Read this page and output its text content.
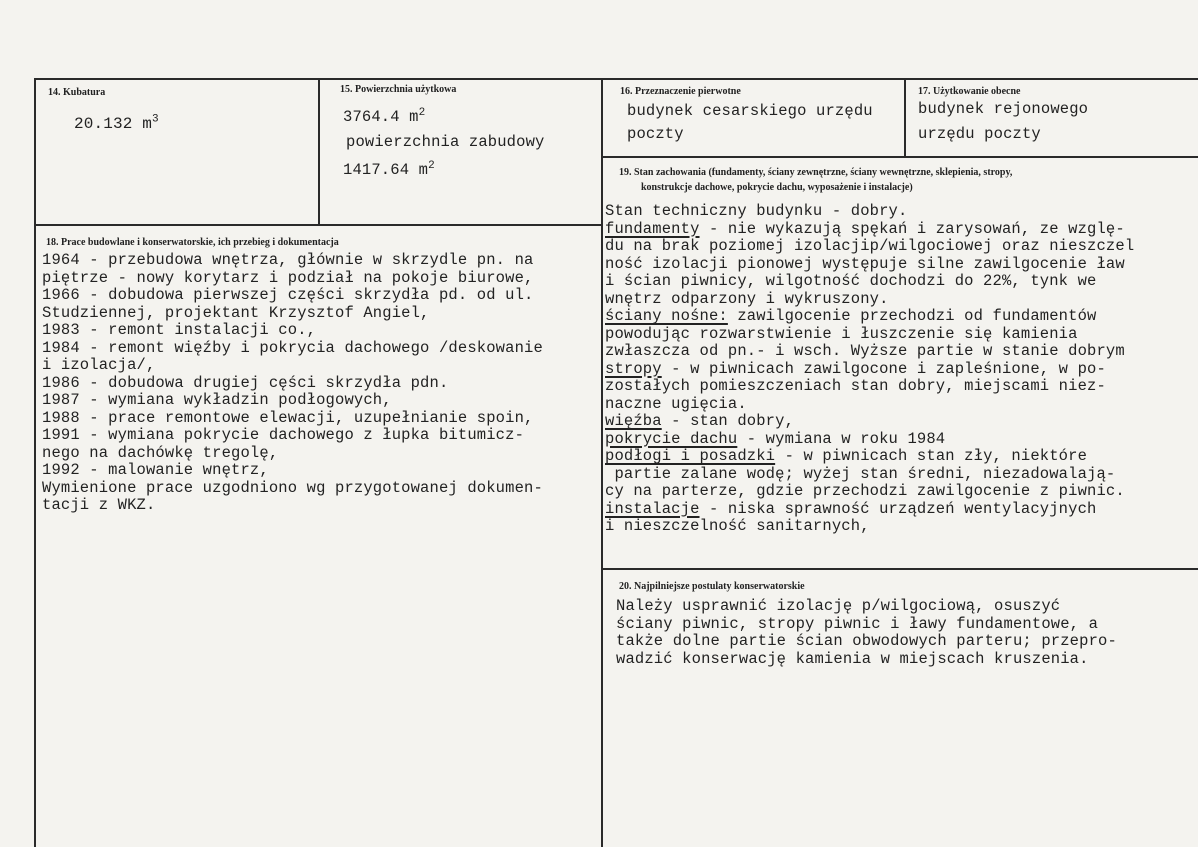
14. Kubatura
20.132 $m^3$
15. Powierzchnia użytkowa
3764.4 $m^2$
powierzchnia zabudowy
1417.64 $m^2$
16. Przeznaczenie pierwotne
budynek cesarskiego urzędu
poczty
17. Użytkowanie obecne
budynek rejonowego
urzędu poczty
18. Prace budowlane i konserwatorskie, ich przebieg i dokumentacja
1964 - przebudowa wnętrza, głównie w skrzydle pn. na
piętrze - nowy korytarz i podział na pokoje biurowe,
1966 - dobudowa pierwszej części skrzydła pd. od ul.
Studziennej, projektant Krzysztof Angiel,
1983 - remont instalacji co.,
1984 - remont więźby i pokrycia dachowego /deskowanie
i izolacja/,
1986 - dobudowa drugiej cęści skrzydła pdn.
1987 - wymiana wykładzin podłogowych,
1988 - prace remontowe elewacji, uzupełnianie spoin,
1991 - wymiana pokrycie dachowego z łupka bitumicz-
nego na dachówkę tregolę,
1992 - malowanie wnętrz,
Wymienione prace uzgodniono wg przygotowanej dokumen-
tacji z WKZ.
19. Stan zachowania (fundamenty, ściany zewnętrzne, ściany wewnętrzne, sklepienia, stropy,
konstrukcje dachowe, pokrycie dachu, wyposażenie i instalacje)
Stan techniczny budynku - dobry.
fundamenty - nie wykazują spękań i zarysowań, ze wzglę-
du na brak poziomej izolacjip/wilgociowej oraz nieszczel
ność izolacji pionowej występuje silne zawilgocenie ław
i ścian piwnicy, wilgotność dochodzi do 22%, tynk we
wnętrz odparzony i wykruszony.
ściany nośne: zawilgocenie przechodzi od fundamentów
powodując rozwarstwienie i łuszczenie się kamienia
zwłaszcza od pn.- i wsch. Wyższe partie w stanie dobrym
stropy - w piwnicach zawilgocone i zapleśnione, w po-
zostałych pomieszczeniach stan dobry, miejscami niez-
naczne ugięcia.
więźba - stan dobry,
pokrycie dachu - wymiana w roku 1984
podłogi i posadzki - w piwnicach stan zły, niektóre
partie zalane wodę; wyżej stan średni, niezadowalają-
cy na parterze, gdzie przechodzi zawilgocenie z piwnic.
instalacje - niska sprawność urządzeń wentylacyjnych
i nieszczelność sanitarnych,
20. Najpilniejsze postulaty konserwatorskie
Należy usprawnić izolację p/wilgociową, osuszyć
ściany piwnic, stropy piwnic i ławy fundamentowe, a
także dolne partie ścian obwodowych parteru; przepro-
wadzić konserwację kamienia w miejscach kruszenia.
